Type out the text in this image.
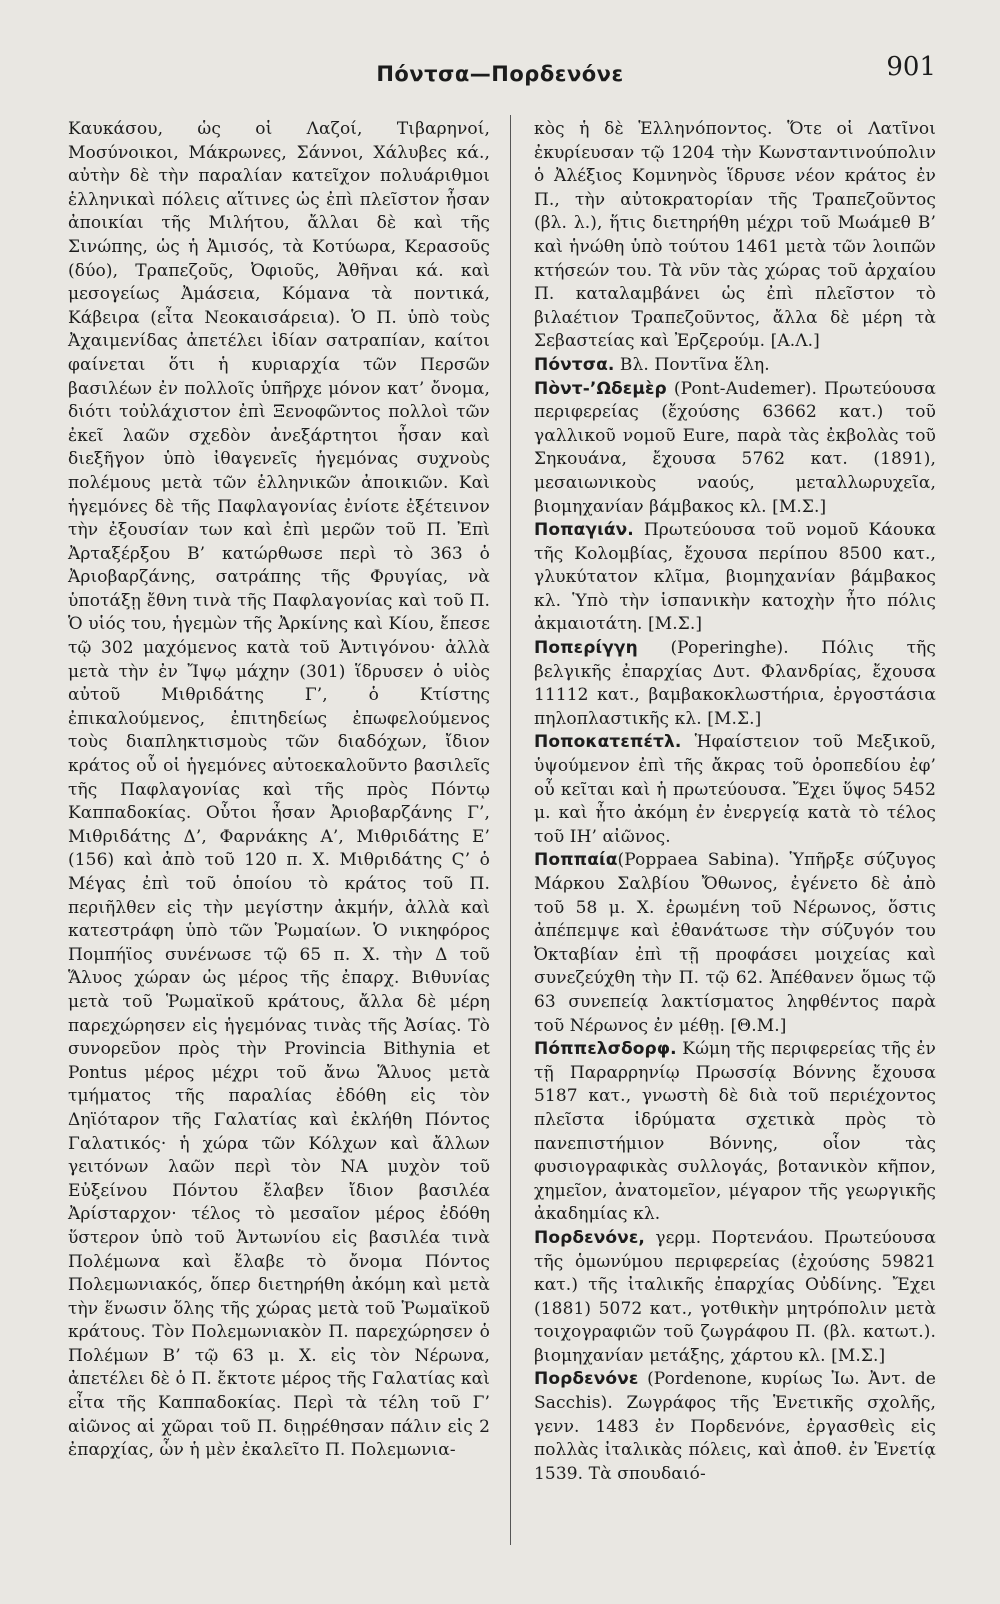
Πόντσα—Πορδενόνε	901

Καυκάσου, ὡς οἱ Λαζοί, Τιβαρηνοί, Μοσύνοικοι, Μάκρωνες, Σάννοι, Χάλυβες κά., αὐτὴν δὲ τὴν παραλίαν κατεῖχον πολυάριθμοι ἑλληνικαὶ πόλεις αἵτινες ὡς ἐπὶ πλεῖστον ἦσαν ἀποικίαι τῆς Μιλήτου, ἄλλαι δὲ καὶ τῆς Σινώπης, ὡς ἡ Ἀμισός, τὰ Κοτύωρα, Κερασοῦς (δύο), Τραπεζοῦς, Ὀφιοῦς, Ἀθῆναι κά. καὶ μεσογείως Ἀμάσεια, Κόμανα τὰ ποντικά, Κάβειρα (εἶτα Νεοκαισάρεια). Ὁ Π. ὑπὸ τοὺς Ἀχαιμενίδας ἀπετέλει ἰδίαν σατραπίαν, καίτοι φαίνεται ὅτι ἡ κυριαρχία τῶν Περσῶν βασιλέων ἐν πολλοῖς ὑπῆρχε μόνον κατ’ ὄνομα, διότι τοὐλάχιστον ἐπὶ Ξενοφῶντος πολλοὶ τῶν ἐκεῖ λαῶν σχεδὸν ἀνεξάρτητοι ἦσαν καὶ διεξῆγον ὑπὸ ἰθαγενεῖς ἡγεμόνας συχνοὺς πολέμους μετὰ τῶν ἑλληνικῶν ἀποικιῶν. Καὶ ἡγεμόνες δὲ τῆς Παφλαγονίας ἐνίοτε ἐξέτεινον τὴν ἐξουσίαν των καὶ ἐπὶ μερῶν τοῦ Π. Ἐπὶ Ἀρταξέρξου Β’ κατώρθωσε περὶ τὸ 363 ὁ Ἀριοβαρζάνης, σατράπης τῆς Φρυγίας, νὰ ὑποτάξῃ ἔθνη τινὰ τῆς Παφλαγονίας καὶ τοῦ Π. Ὁ υἱός του, ἡγεμὼν τῆς Ἀρκίνης καὶ Κίου, ἔπεσε τῷ 302 μαχόμενος κατὰ τοῦ Ἀντιγόνου· ἀλλὰ μετὰ τὴν ἐν Ἴψῳ μάχην (301) ἵδρυσεν ὁ υἱὸς αὐτοῦ Μιθριδάτης Γ’, ὁ Κτίστης ἐπικαλούμενος, ἐπιτηδείως ἐπωφελούμενος τοὺς διαπληκτισμοὺς τῶν διαδόχων, ἴδιον κράτος οὗ οἱ ἡγεμόνες αὐτοεκαλοῦντο βασιλεῖς τῆς Παφλαγονίας καὶ τῆς πρὸς Πόντῳ Καππαδοκίας. Οὗτοι ἦσαν Ἀριοβαρζάνης Γ’, Μιθριδάτης Δ’, Φαρνάκης Α’, Μιθριδάτης Ε’ (156) καὶ ἀπὸ τοῦ 120 π. Χ. Μιθριδάτης Ϛ’ ὁ Μέγας ἐπὶ τοῦ ὁποίου τὸ κράτος τοῦ Π. περιῆλθεν εἰς τὴν μεγίστην ἀκμήν, ἀλλὰ καὶ κατεστράφη ὑπὸ τῶν Ῥωμαίων. Ὁ νικηφόρος Πομπήϊος συνένωσε τῷ 65 π. Χ. τὴν Δ τοῦ Ἅλυος χώραν ὡς μέρος τῆς ἐπαρχ. Βιθυνίας μετὰ τοῦ Ῥωμαϊκοῦ κράτους, ἄλλα δὲ μέρη παρεχώρησεν εἰς ἡγεμόνας τινὰς τῆς Ἀσίας. Τὸ συνορεῦον πρὸς τὴν Provincia Bithynia et Pontus μέρος μέχρι τοῦ ἄνω Ἅλυος μετὰ τμήματος τῆς παραλίας ἐδόθη εἰς τὸν Δηϊόταρον τῆς Γαλατίας καὶ ἐκλήθη Πόντος Γαλατικός· ἡ χώρα τῶν Κόλχων καὶ ἄλλων γειτόνων λαῶν περὶ τὸν ΝΑ μυχὸν τοῦ Εὐξείνου Πόντου ἔλαβεν ἴδιον βασιλέα Ἀρίσταρχον· τέλος τὸ μεσαῖον μέρος ἐδόθη ὕστερον ὑπὸ τοῦ Ἀντωνίου εἰς βασιλέα τινὰ Πολέμωνα καὶ ἔλαβε τὸ ὄνομα Πόντος Πολεμωνιακός, ὅπερ διετηρήθη ἀκόμη καὶ μετὰ τὴν ἕνωσιν ὅλης τῆς χώρας μετὰ τοῦ Ῥωμαϊκοῦ κράτους. Τὸν Πολεμωνιακὸν Π. παρεχώρησεν ὁ Πολέμων Β’ τῷ 63 μ. Χ. εἰς τὸν Νέρωνα, ἀπετέλει δὲ ὁ Π. ἔκτοτε μέρος τῆς Γαλατίας καὶ εἶτα τῆς Καππαδοκίας. Περὶ τὰ τέλη τοῦ Γ’ αἰῶνος αἱ χῶραι τοῦ Π. διῃρέθησαν πάλιν εἰς 2 ἐπαρχίας, ὧν ἡ μὲν ἐκαλεῖτο Π. Πολεμωνια-

κὸς ἡ δὲ Ἑλληνόποντος. Ὅτε οἱ Λατῖνοι ἐκυρίευσαν τῷ 1204 τὴν Κωνσταντινούπολιν ὁ Ἀλέξιος Κομνηνὸς ἵδρυσε νέον κράτος ἐν Π., τὴν αὐτοκρατορίαν τῆς Τραπεζοῦντος (βλ. λ.), ἥτις διετηρήθη μέχρι τοῦ Μωάμεθ Β’ καὶ ἡνώθη ὑπὸ τούτου 1461 μετὰ τῶν λοιπῶν κτήσεών του. Τὰ νῦν τὰς χώρας τοῦ ἀρχαίου Π. καταλαμβάνει ὡς ἐπὶ πλεῖστον τὸ βιλαέτιον Τραπεζοῦντος, ἄλλα δὲ μέρη τὰ Σεβαστείας καὶ Ἐρζερούμ. [Α.Λ.]

Πόντσα. Βλ. Ποντῖνα ἕλη.

Πὸντ-’Ωδεμὲρ (Pont-Audemer). Πρωτεύουσα περιφερείας (ἔχούσης 63662 κατ.) τοῦ γαλλικοῦ νομοῦ Eure, παρὰ τὰς ἐκβολὰς τοῦ Σηκουάνα, ἔχουσα 5762 κατ. (1891), μεσαιωνικοὺς ναούς, μεταλλωρυχεῖα, βιομηχανίαν βάμβακος κλ. [Μ.Σ.]

Ποπαγιάν. Πρωτεύουσα τοῦ νομοῦ Κάουκα τῆς Κολομβίας, ἔχουσα περίπου 8500 κατ., γλυκύτατον κλῖμα, βιομηχανίαν βάμβακος κλ. Ὑπὸ τὴν ἱσπανικὴν κατοχὴν ἦτο πόλις ἀκμαιοτάτη. [Μ.Σ.]

Ποπερίγγη (Poperinghe). Πόλις τῆς βελγικῆς ἐπαρχίας Δυτ. Φλανδρίας, ἔχουσα 11112 κατ., βαμβακοκλωστήρια, ἐργοστάσια πηλοπλαστικῆς κλ. [Μ.Σ.]

Ποποκατεπέτλ. Ἡφαίστειον τοῦ Μεξικοῦ, ὑψούμενον ἐπὶ τῆς ἄκρας τοῦ ὀροπεδίου ἐφ’ οὗ κεῖται καὶ ἡ πρωτεύουσα. Ἔχει ὕψος 5452 μ. καὶ ἦτο ἀκόμη ἐν ἐνεργείᾳ κατὰ τὸ τέλος τοῦ ΙΗ’ αἰῶνος.

Ποππαία(Poppaea Sabina). Ὑπῆρξε σύζυγος Μάρκου Σαλβίου Ὄθωνος, ἐγένετο δὲ ἀπὸ τοῦ 58 μ. Χ. ἐρωμένη τοῦ Νέρωνος, ὅστις ἀπέπεμψε καὶ ἐθανάτωσε τὴν σύζυγόν του Ὀκταβίαν ἐπὶ τῇ προφάσει μοιχείας καὶ συνεζεύχθη τὴν Π. τῷ 62. Ἀπέθανεν ὅμως τῷ 63 συνεπείᾳ λακτίσματος ληφθέντος παρὰ τοῦ Νέρωνος ἐν μέθῃ. [Θ.Μ.]

Πόππελσδορφ. Κώμη τῆς περιφερείας τῆς ἐν τῇ Παραρρηνίῳ Πρωσσίᾳ Βόννης ἔχουσα 5187 κατ., γνωστὴ δὲ διὰ τοῦ περιέχοντος πλεῖστα ἱδρύματα σχετικὰ πρὸς τὸ πανεπιστήμιον Βόννης, οἷον τὰς φυσιογραφικὰς συλλογάς, βοτανικὸν κῆπον, χημεῖον, ἀνατομεῖον, μέγαρον τῆς γεωργικῆς ἀκαδημίας κλ.

Πορδενόνε, γερμ. Πορτενάου. Πρωτεύουσα τῆς ὁμωνύμου περιφερείας (ἐχούσης 59821 κατ.) τῆς ἰταλικῆς ἐπαρχίας Οὐδίνης. Ἔχει (1881) 5072 κατ., γοτθικὴν μητρόπολιν μετὰ τοιχογραφιῶν τοῦ ζωγράφου Π. (βλ. κατωτ.). βιομηχανίαν μετάξης, χάρτου κλ. [Μ.Σ.]

Πορδενόνε (Pordenone, κυρίως Ἰω. Ἀντ. de Sacchis). Ζωγράφος τῆς Ἑνετικῆς σχολῆς, γενν. 1483 ἐν Πορδενόνε, ἐργασθεὶς εἰς πολλὰς ἰταλικὰς πόλεις, καὶ ἀποθ. ἐν Ἑνετίᾳ 1539. Τὰ σπουδαιό-
